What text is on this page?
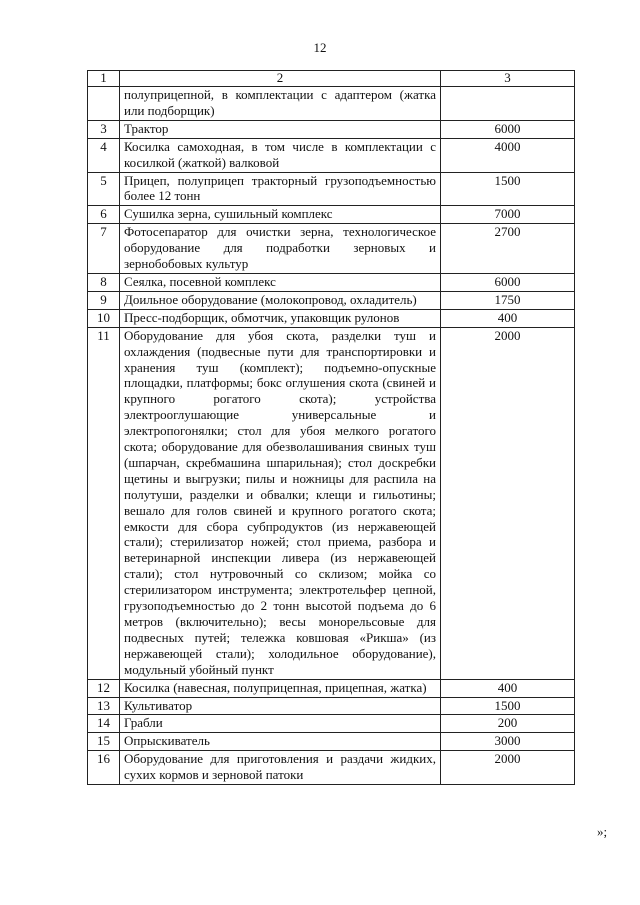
12
1	2	3
	полуприцепной, в комплектации с адаптером (жатка или подборщик)	
3	Трактор	6000
4	Косилка самоходная, в том числе в комплектации с косилкой (жаткой) валковой	4000
5	Прицеп, полуприцеп тракторный грузоподъемностью более 12 тонн	1500
6	Сушилка зерна, сушильный комплекс	7000
7	Фотосепаратор для очистки зерна, технологическое оборудование для подработки зерновых и зернобобовых культур	2700
8	Сеялка, посевной комплекс	6000
9	Доильное оборудование (молокопровод, охладитель)	1750
10	Пресс-подборщик, обмотчик, упаковщик рулонов	400
11	Оборудование для убоя скота, разделки туш и охлаждения (подвесные пути для транспортировки и хранения туш (комплект); подъемно-опускные площадки, платформы; бокс оглушения скота (свиней и крупного рогатого скота); устройства электрооглушающие универсальные и электропогонялки; стол для убоя мелкого рогатого скота; оборудование для обезволашивания свиных туш (шпарчан, скребмашина шпарильная); стол доскребки щетины и выгрузки; пилы и ножницы для распила на полутуши, разделки и обвалки; клещи и гильотины; вешало для голов свиней и крупного рогатого скота; емкости для сбора субпродуктов (из нержавеющей стали); стерилизатор ножей; стол приема, разбора и ветеринарной инспекции ливера (из нержавеющей стали); стол нутровочный со склизом; мойка со стерилизатором инструмента; электротельфер цепной, грузоподъемностью до 2 тонн высотой подъема до 6 метров (включительно); весы монорельсовые для подвесных путей; тележка ковшовая «Рикша» (из нержавеющей стали); холодильное оборудование), модульный убойный пункт	2000
12	Косилка (навесная, полуприцепная, прицепная, жатка)	400
13	Культиватор	1500
14	Грабли	200
15	Опрыскиватель	3000
16	Оборудование для приготовления и раздачи жидких, сухих кормов и зерновой патоки	2000
»;
